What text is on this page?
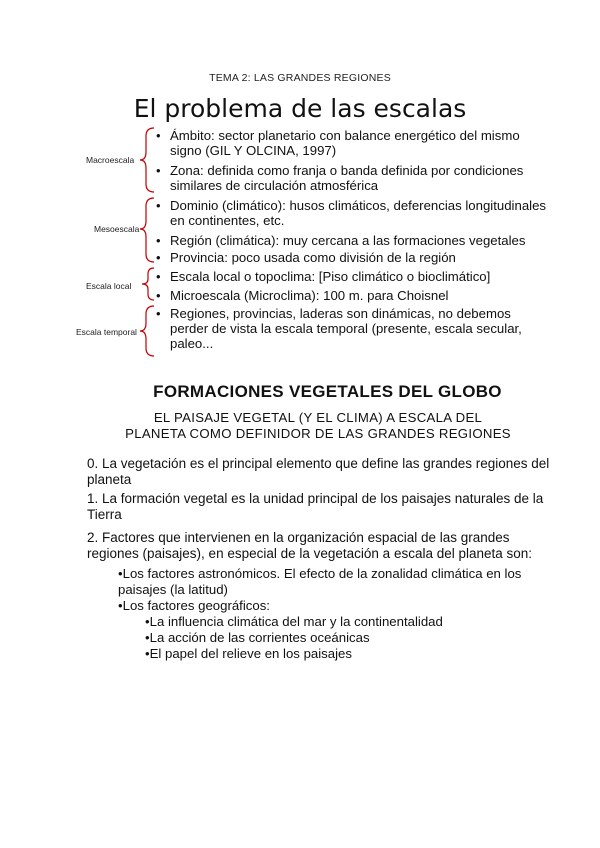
TEMA 2: LAS GRANDES REGIONES
El problema de las escalas
Macroescala
Mesoescala
Escala local
Escala temporal
• Ámbito: sector planetario con balance energético del mismo signo (GIL Y OLCINA, 1997)
• Zona: definida como franja o banda definida por condiciones similares de circulación atmosférica
• Dominio (climático): husos climáticos, deferencias longitudinales en continentes, etc.
• Región (climática): muy cercana a las formaciones vegetales
• Provincia: poco usada como división de la región
• Escala local o topoclima: [Piso climático o bioclimático]
• Microescala (Microclima): 100 m. para Choisnel
• Regiones, provincias, laderas son dinámicas, no debemos perder de vista la escala temporal (presente, escala secular, paleo...
FORMACIONES VEGETALES DEL GLOBO
EL PAISAJE VEGETAL (Y EL CLIMA) A ESCALA DEL
PLANETA COMO DEFINIDOR DE LAS GRANDES REGIONES
0. La vegetación es el principal elemento que define las grandes regiones del planeta
1. La formación vegetal es la unidad principal de los paisajes naturales de la Tierra
2. Factores que intervienen en la organización espacial de las grandes regiones (paisajes), en especial de la vegetación a escala del planeta son:
•Los factores astronómicos. El efecto de la zonalidad climática en los paisajes (la latitud)
•Los factores geográficos:
•La influencia climática del mar y la continentalidad
•La acción de las corrientes oceánicas
•El papel del relieve en los paisajes
